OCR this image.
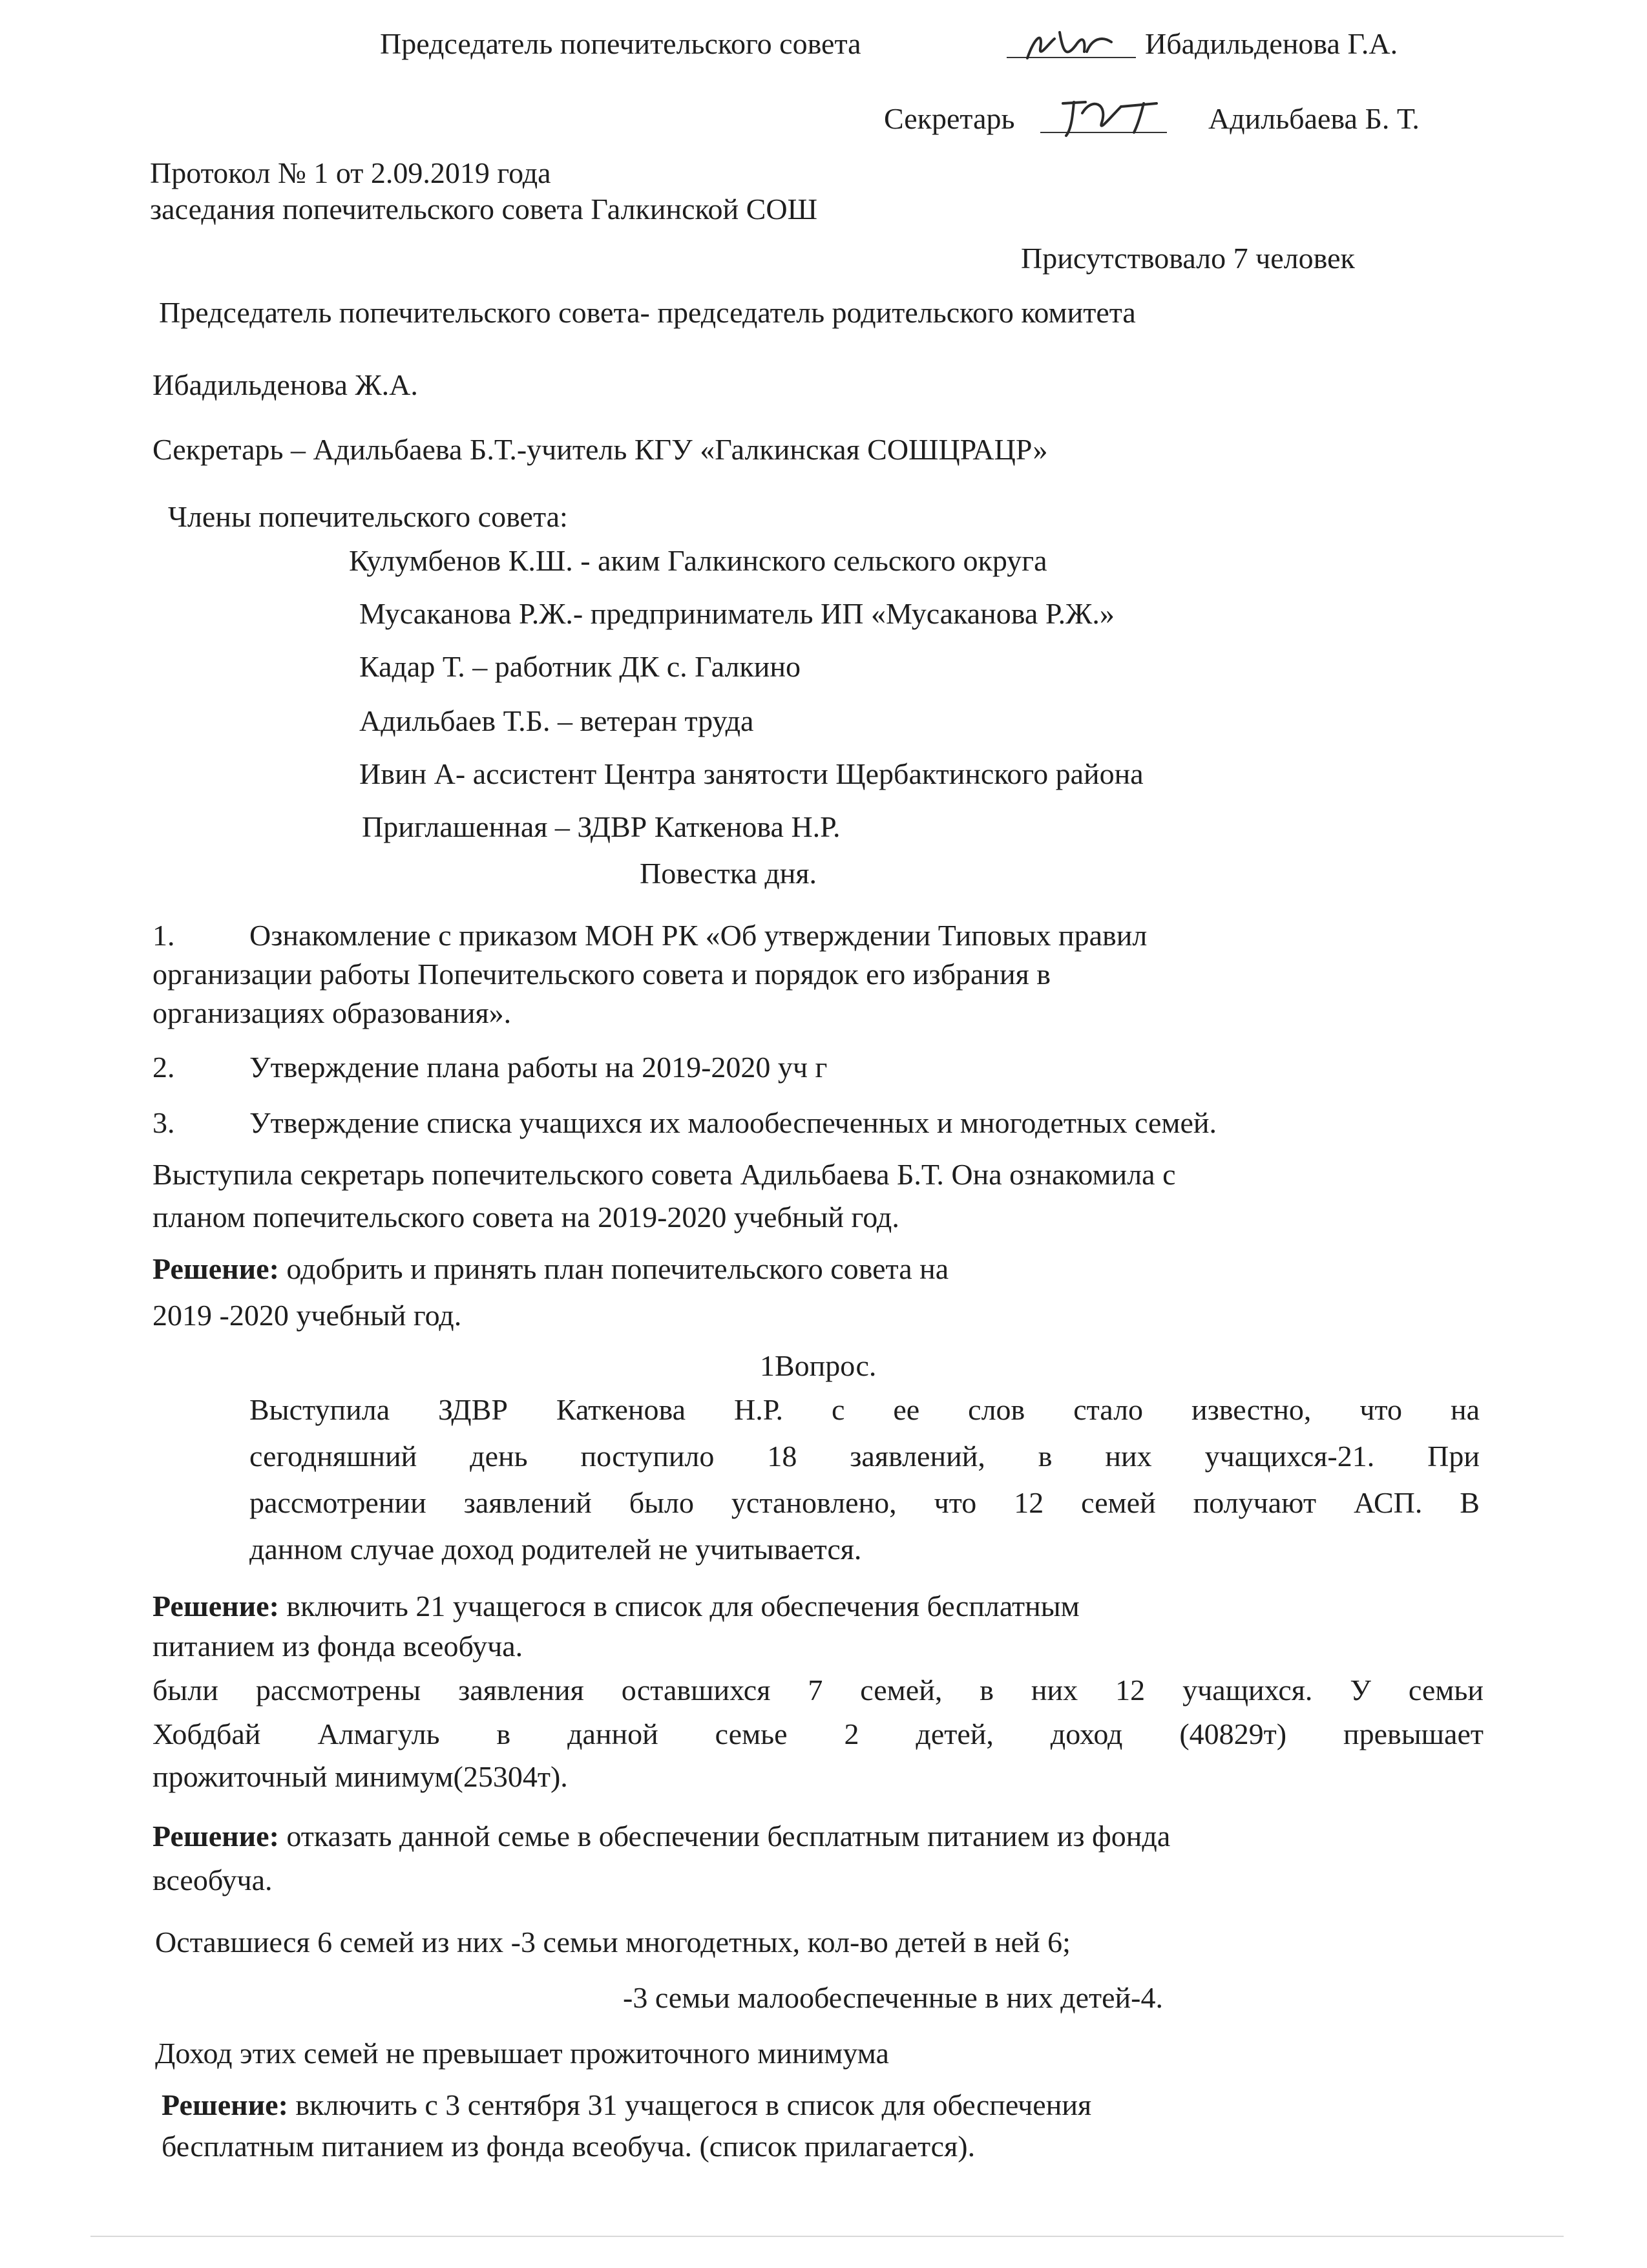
Председатель попечительского совета	Ибадильденова Г.А.
Секретарь	Адильбаева Б. Т.
Протокол № 1 от 2.09.2019 года
заседания попечительского совета Галкинской СОШ
Присутствовало 7 человек
Председатель попечительского совета- председатель родительского комитета
Ибадильденова Ж.А.
Секретарь – Адильбаева Б.Т.-учитель КГУ «Галкинская СОШЦРАЦР»
Члены попечительского совета:
Кулумбенов К.Ш. - аким Галкинского сельского округа
Мусаканова Р.Ж.- предприниматель ИП «Мусаканова Р.Ж.»
Кадар Т. – работник ДК с. Галкино
Адильбаев Т.Б. – ветеран труда
Ивин А- ассистент Центра занятости Щербактинского района
Приглашенная – ЗДВР Каткенова Н.Р.
Повестка дня.
1.	Ознакомление с приказом МОН РК «Об утверждении Типовых правил
организации работы Попечительского совета и порядок его избрания в
организациях образования».
2.	Утверждение плана работы на 2019-2020 уч г
3.	Утверждение списка учащихся их малообеспеченных и многодетных семей.
Выступила секретарь попечительского совета Адильбаева Б.Т. Она ознакомила с
планом попечительского совета на 2019-2020 учебный год.
Решение: одобрить и принять план попечительского совета на
2019 -2020 учебный год.
1Вопрос.
Выступила ЗДВР Каткенова Н.Р. с ее слов стало известно, что на
сегодняшний день поступило 18 заявлений, в них учащихся-21. При
рассмотрении заявлений было установлено, что 12 семей получают АСП. В
данном случае доход родителей не учитывается.
Решение: включить 21 учащегося в список для обеспечения бесплатным
питанием из фонда всеобуча.
были рассмотрены заявления оставшихся 7 семей, в них 12 учащихся. У семьи
Хобдбай Алмагуль в данной семье 2 детей, доход (40829т) превышает
прожиточный минимум(25304т).
Решение: отказать данной семье в обеспечении бесплатным питанием из фонда
всеобуча.
Оставшиеся 6 семей из них -3 семьи многодетных, кол-во детей в ней 6;
-3 семьи малообеспеченные в них детей-4.
Доход этих семей не превышает прожиточного минимума
Решение: включить с 3 сентября 31 учащегося в список для обеспечения
бесплатным питанием из фонда всеобуча. (список прилагается).
